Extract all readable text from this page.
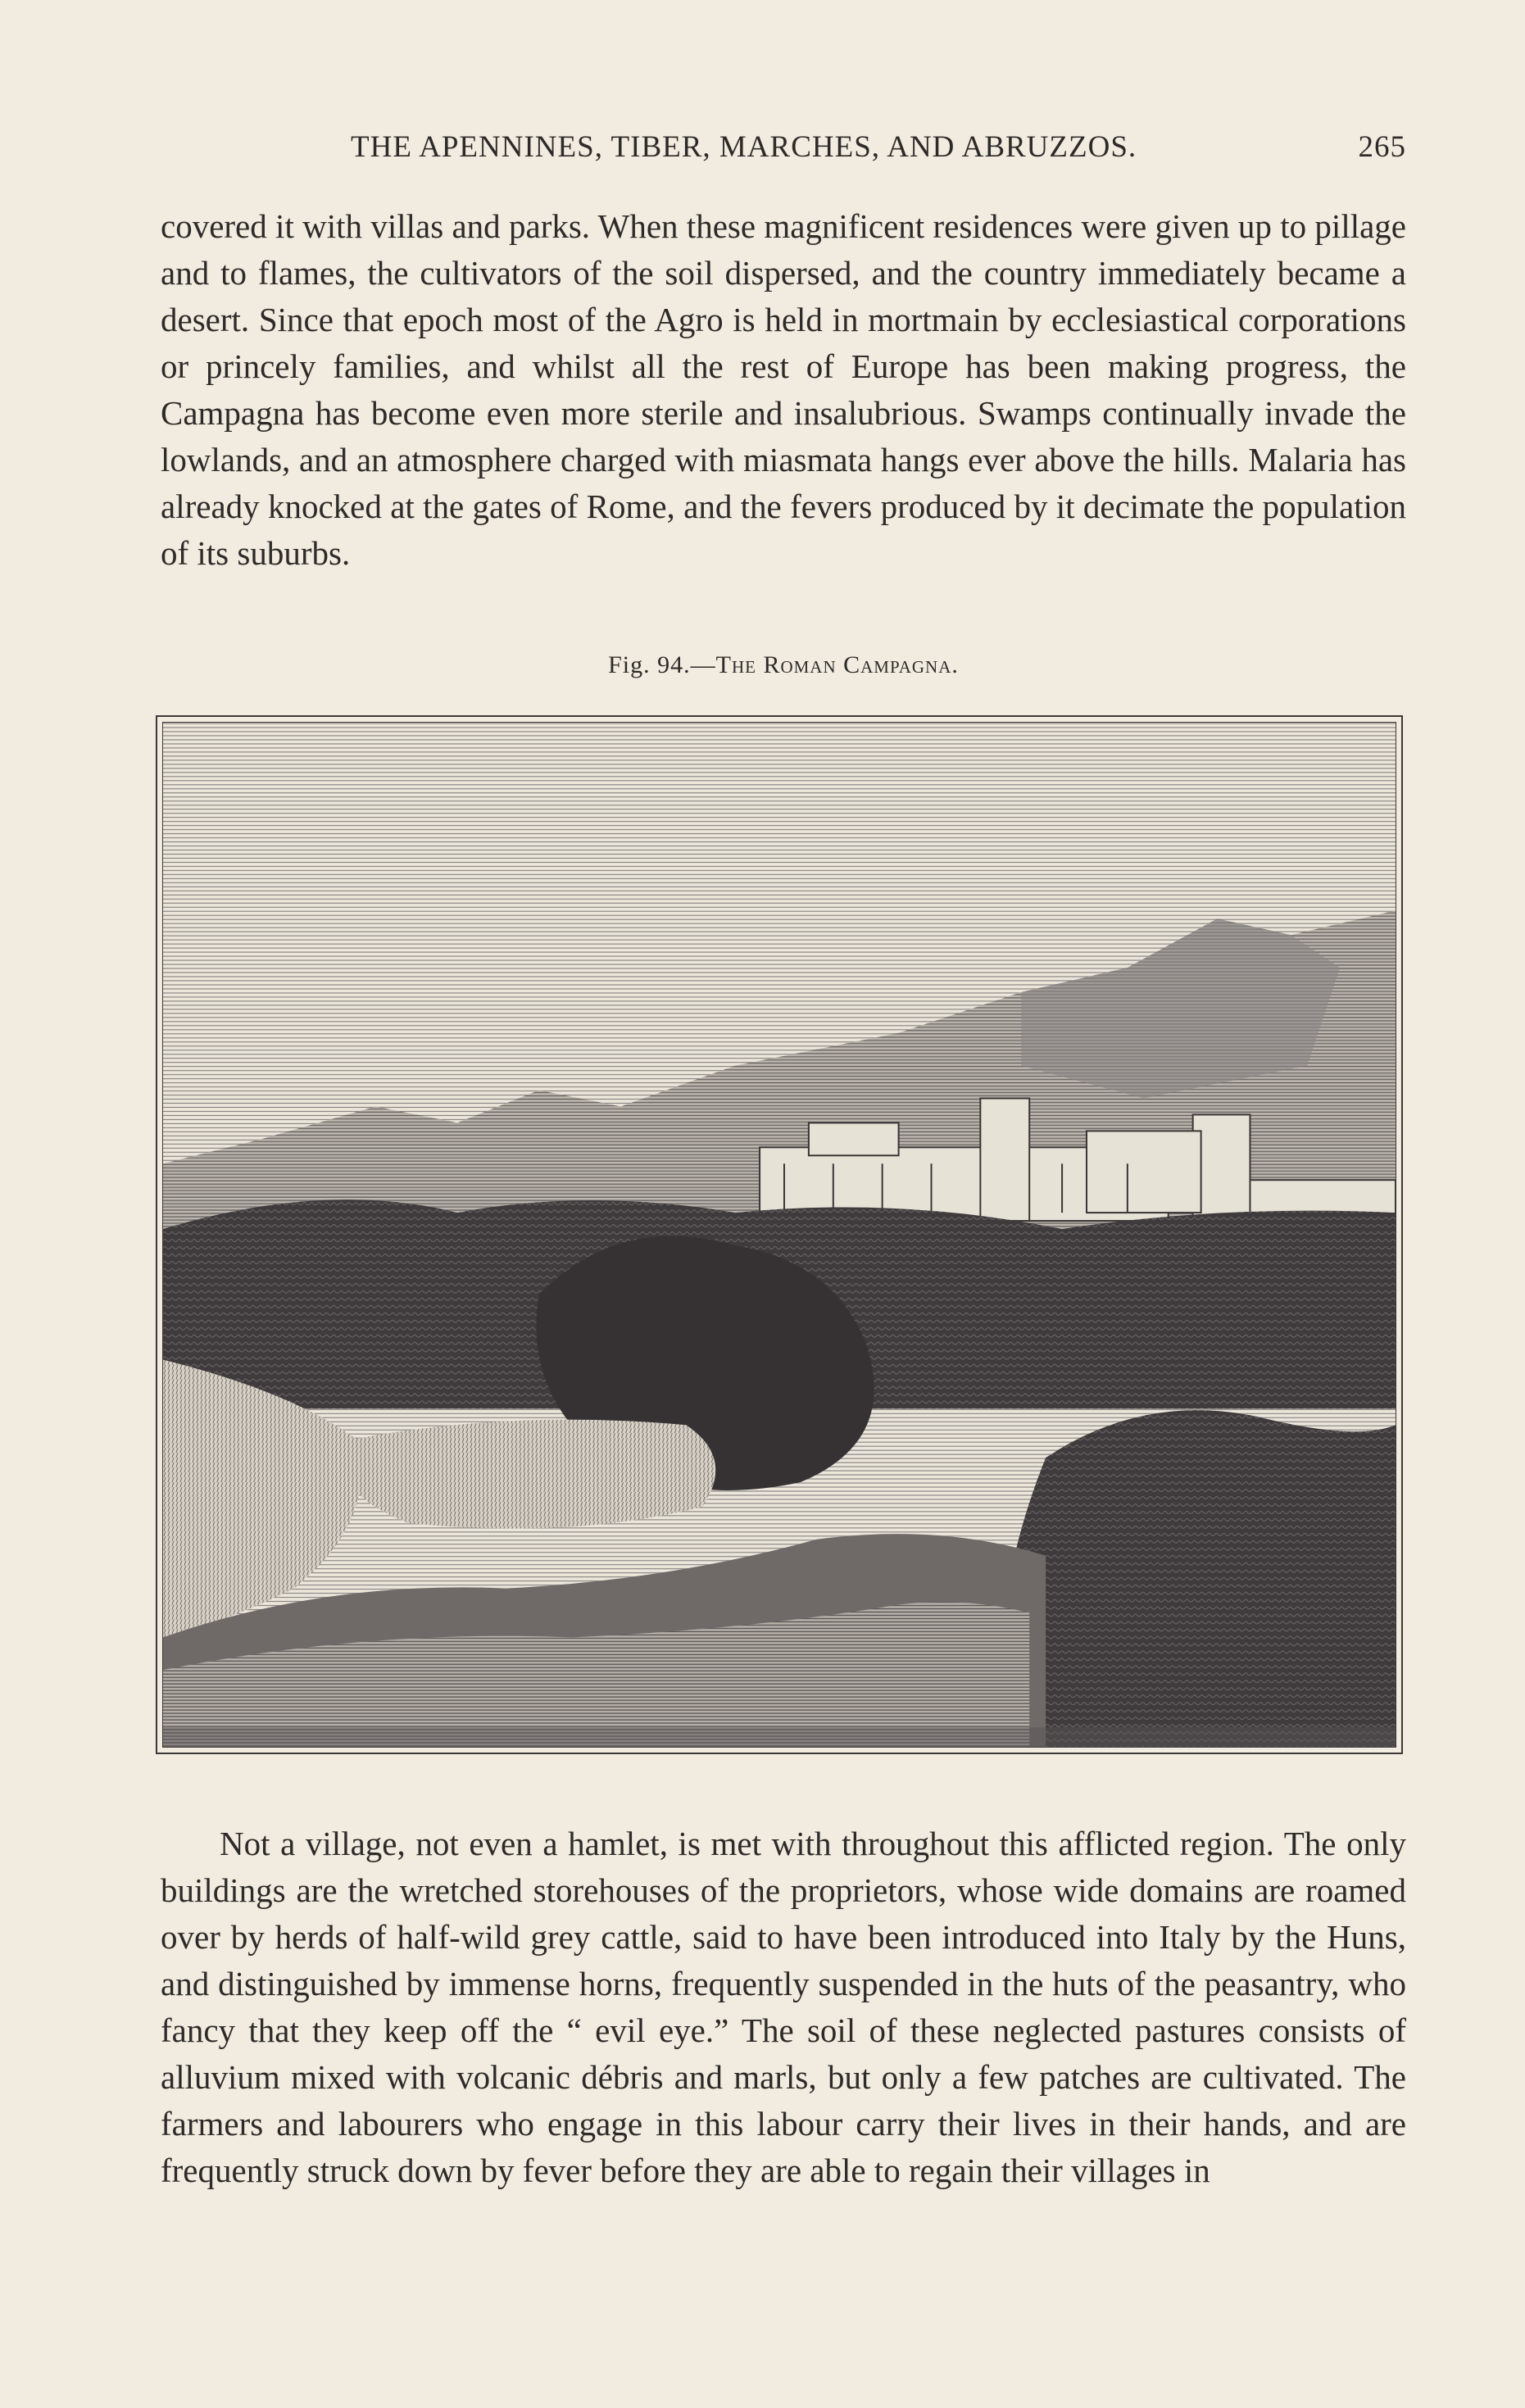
THE APENNINES, TIBER, MARCHES, AND ABRUZZOS.	265

covered it with villas and parks. When these magnificent residences were given up to pillage and to flames, the cultivators of the soil dispersed, and the country immediately became a desert. Since that epoch most of the Agro is held in mortmain by ecclesiastical corporations or princely families, and whilst all the rest of Europe has been making progress, the Campagna has become even more sterile and insalubrious. Swamps continually invade the lowlands, and an atmosphere charged with miasmata hangs ever above the hills. Malaria has already knocked at the gates of Rome, and the fevers produced by it decimate the population of its suburbs.

Fig. 94.—The Roman Campagna.

Not a village, not even a hamlet, is met with throughout this afflicted region. The only buildings are the wretched storehouses of the proprietors, whose wide domains are roamed over by herds of half-wild grey cattle, said to have been introduced into Italy by the Huns, and distinguished by immense horns, frequently suspended in the huts of the peasantry, who fancy that they keep off the “ evil eye.” The soil of these neglected pastures consists of alluvium mixed with volcanic débris and marls, but only a few patches are cultivated. The farmers and labourers who engage in this labour carry their lives in their hands, and are frequently struck down by fever before they are able to regain their villages in
